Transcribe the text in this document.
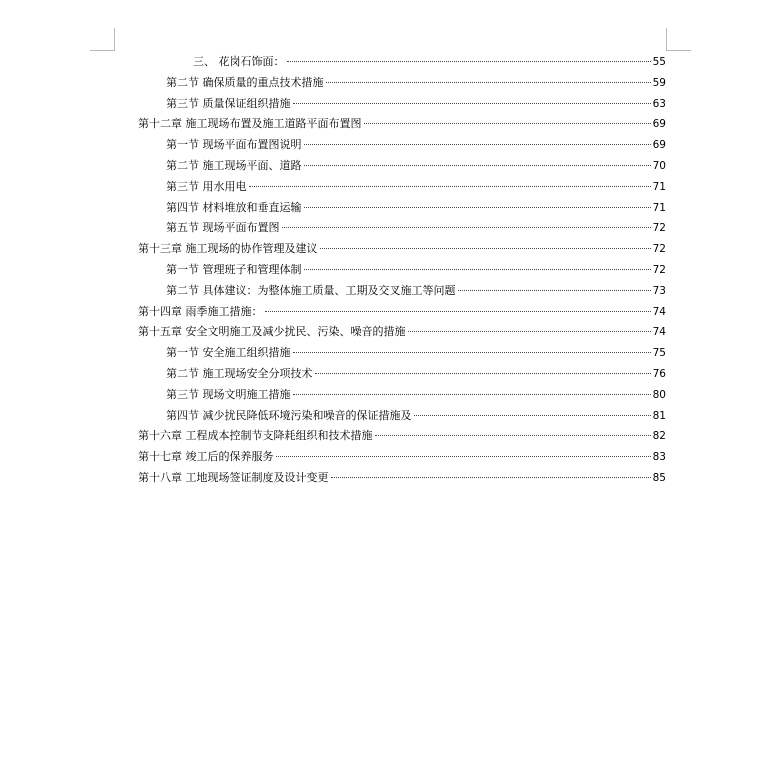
三、 花岗石饰面：	55
第二节 确保质量的重点技术措施	59
第三节 质量保证组织措施	63
第十二章 施工现场布置及施工道路平面布置图	69
第一节 现场平面布置图说明	69
第二节 施工现场平面、道路	70
第三节 用水用电	71
第四节 材料堆放和垂直运输	71
第五节 现场平面布置图	72
第十三章 施工现场的协作管理及建议	72
第一节 管理班子和管理体制	72
第二节 具体建议：为整体施工质量、工期及交叉施工等问题	73
第十四章 雨季施工措施：	74
第十五章 安全文明施工及减少扰民、污染、噪音的措施	74
第一节 安全施工组织措施	75
第二节 施工现场安全分项技术	76
第三节 现场文明施工措施	80
第四节 减少扰民降低环境污染和噪音的保证措施及	81
第十六章 工程成本控制节支降耗组织和技术措施	82
第十七章 竣工后的保养服务	83
第十八章 工地现场签证制度及设计变更	85
